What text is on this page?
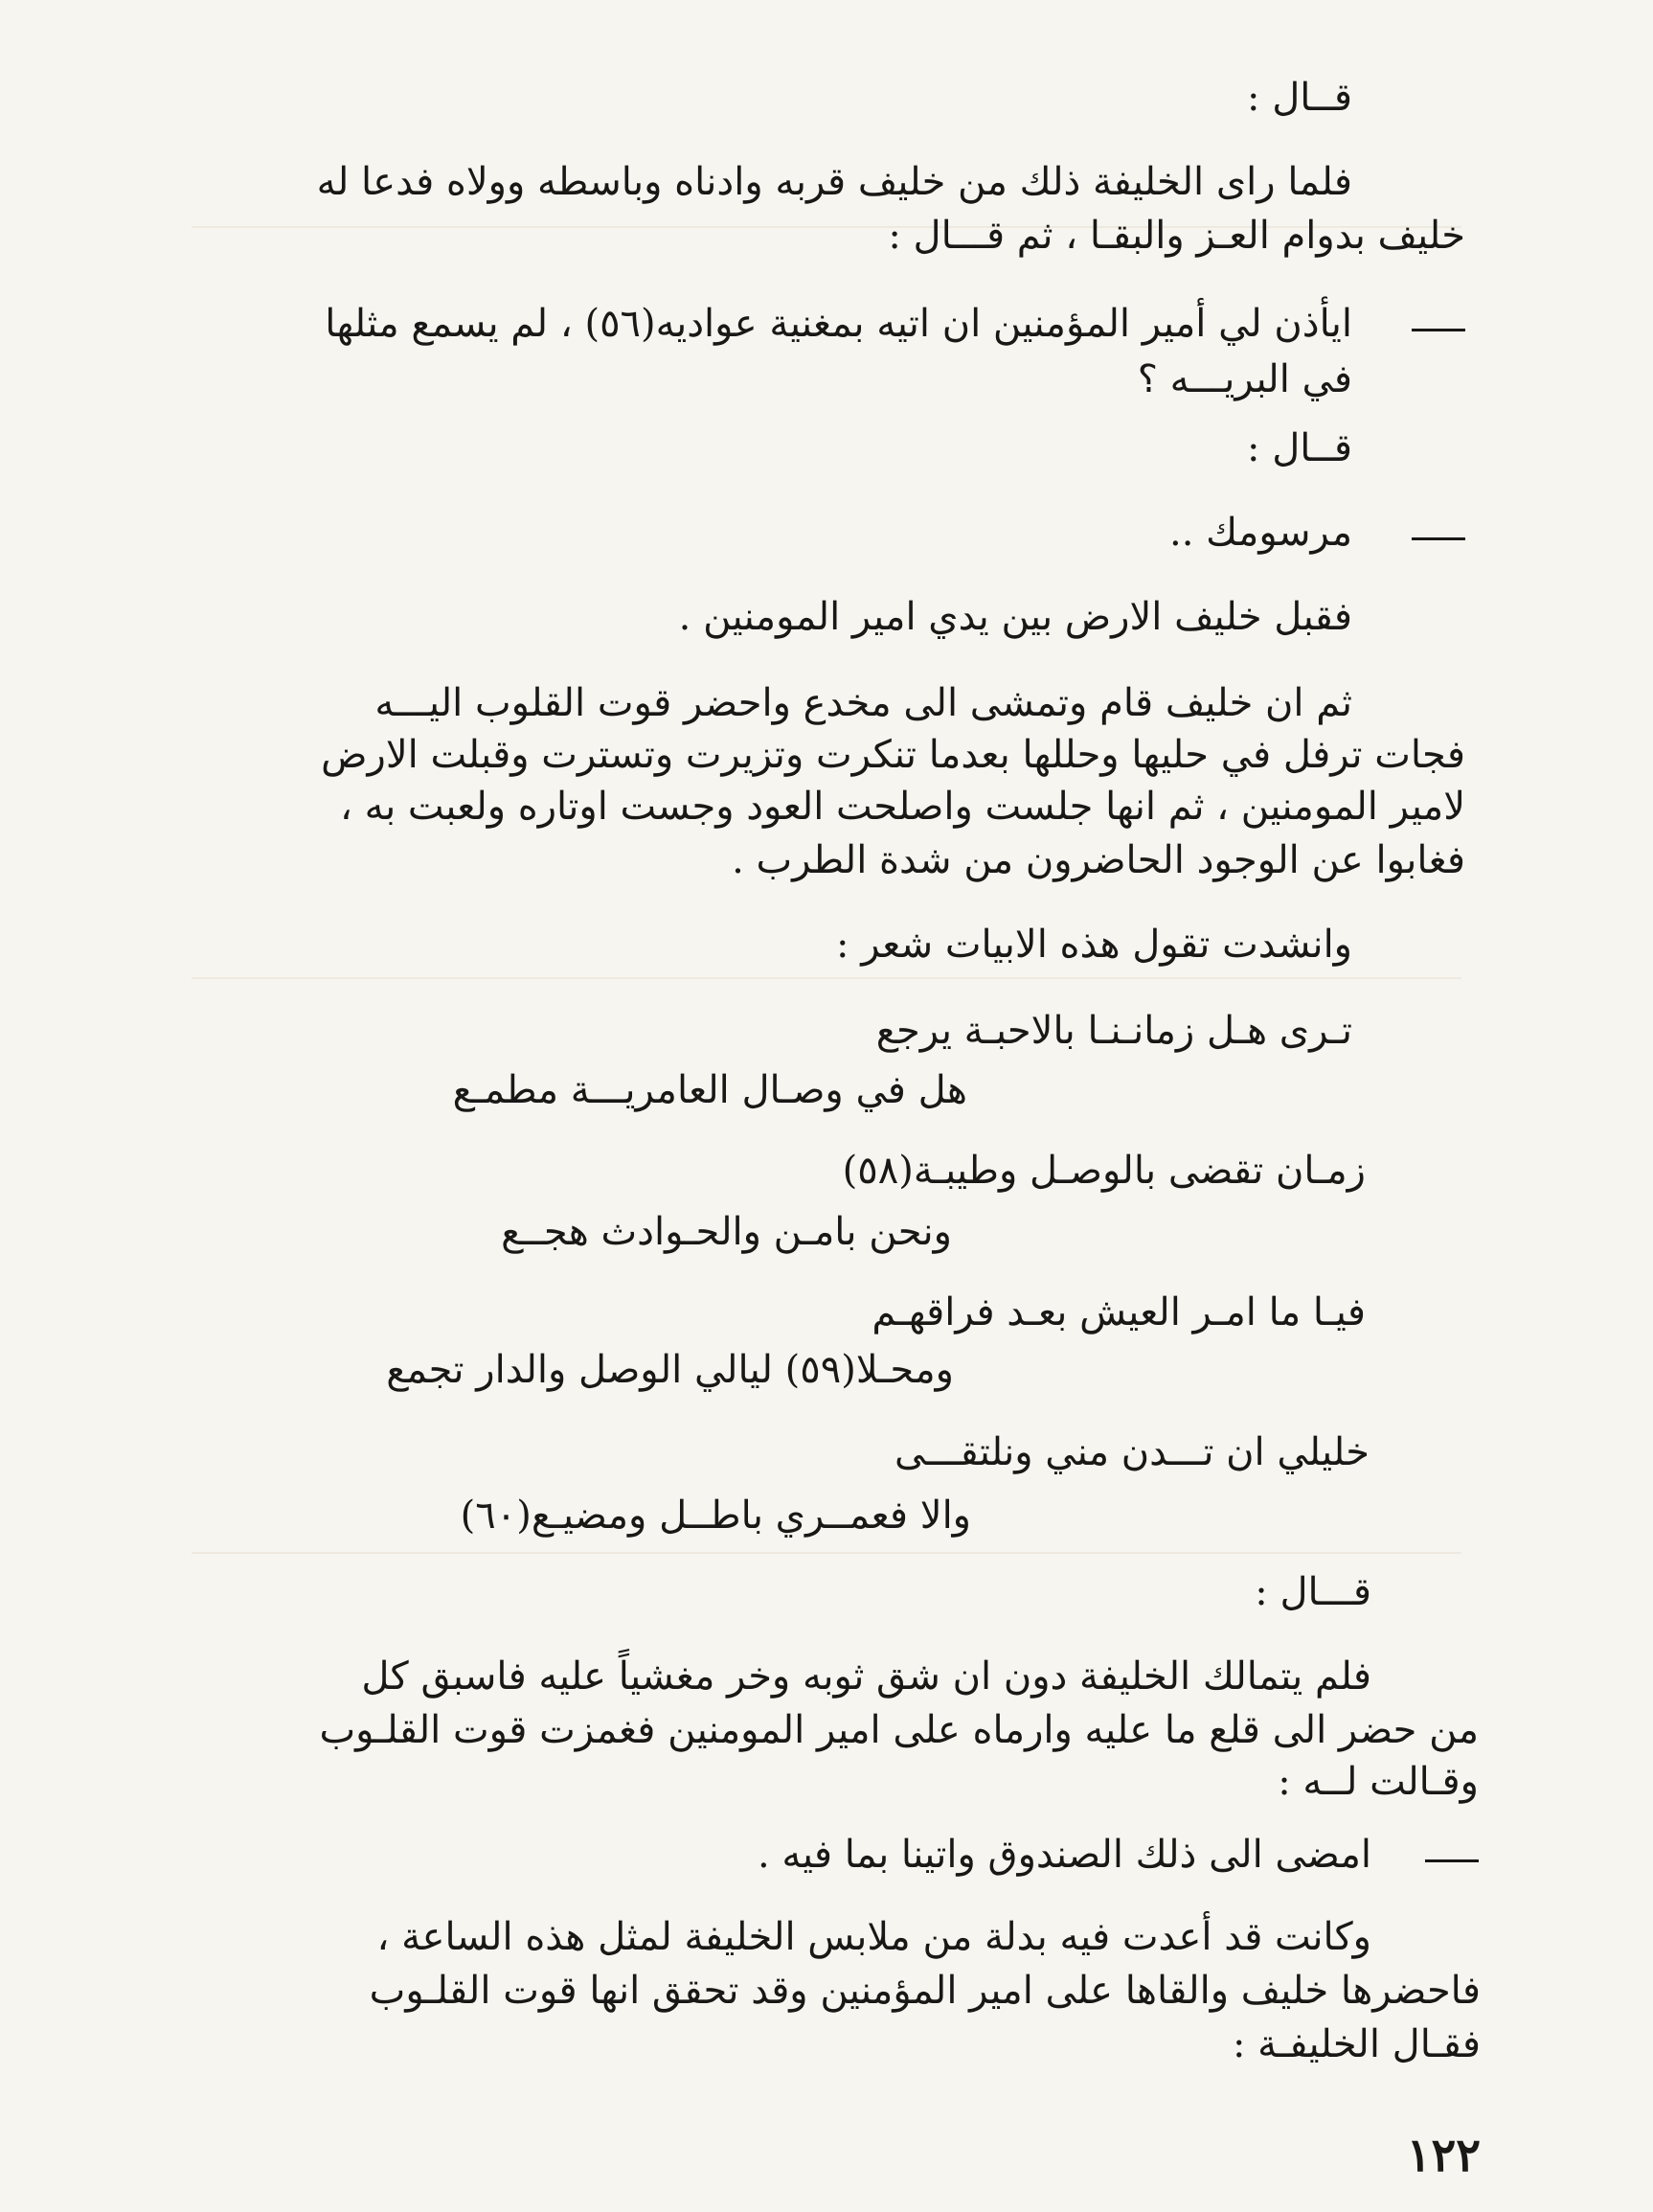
قــال :
فلما راى الخليفة ذلك من خليف قربه وادناه وباسطه وولاه فدعا له
خليف بدوام العـز والبقـا ، ثم قـــال :
ايأذن لي أمير المؤمنين ان اتيه بمغنية عواديه(٥٦) ، لم يسمع مثلها
في البريـــه ؟
قــال :
مرسومك ..
فقبل خليف الارض بين يدي امير المومنين .
ثم ان خليف قام وتمشى الى مخدع واحضر قوت القلوب اليـــه
فجات ترفل في حليها وحللها بعدما تنكرت وتزيرت وتسترت وقبلت الارض
لامير المومنين ، ثم انها جلست واصلحت العود وجست اوتاره ولعبت به ،
فغابوا عن الوجود الحاضرون من شدة الطرب .
وانشدت تقول هذه الابيات شعر :
تـرى هـل زمانـنـا بالاحبـة يرجع
هل في وصـال العامريـــة مطمـع
زمـان تقضى بالوصـل وطيبـة(٥٨)
ونحن بامـن والحـوادث هجــع
فيـا ما امـر العيش بعـد فراقهـم
ومحـلا(٥٩) ليالي الوصل والدار تجمع
خليلي ان تـــدن مني ونلتقـــى
والا فعمــري باطــل ومضيـع(٦٠)
قـــال :
فلم يتمالك الخليفة دون ان شق ثوبه وخر مغشياً عليه فاسبق كل
من حضر الى قلع ما عليه وارماه على امير المومنين فغمزت قوت القلـوب
وقـالت لــه :
امضى الى ذلك الصندوق واتينا بما فيه .
وكانت قد أعدت فيه بدلة من ملابس الخليفة لمثل هذه الساعة ،
فاحضرها خليف والقاها على امير المؤمنين وقد تحقق انها قوت القلـوب
فقـال الخليفـة :
١٢٢
